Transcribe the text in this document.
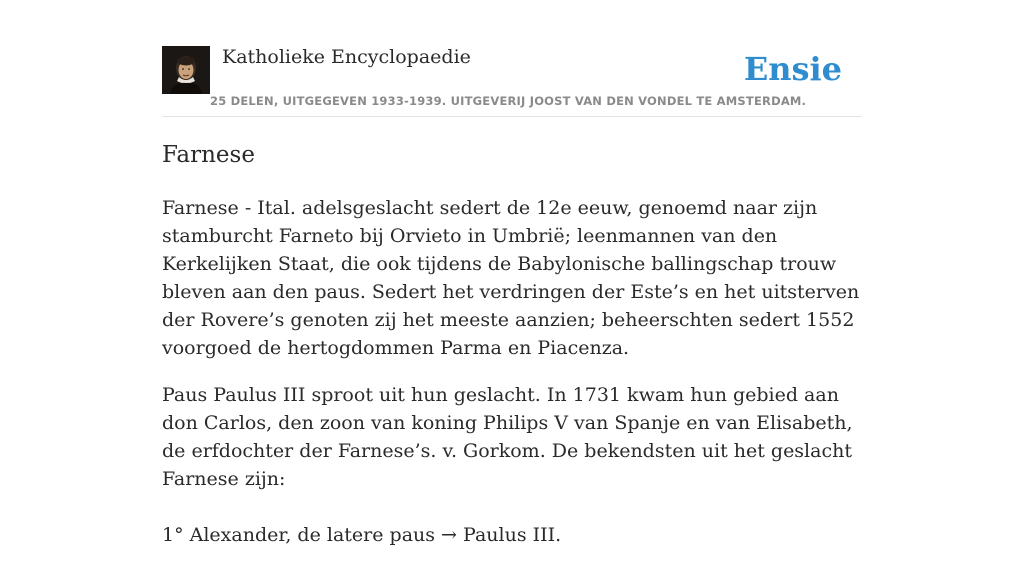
Katholieke Encyclopaedie
25 DELEN, UITGEGEVEN 1933-1939. UITGEVERIJ JOOST VAN DEN VONDEL TE AMSTERDAM.
Ensie
Farnese

Farnese - Ital. adelsgeslacht sedert de 12e eeuw, genoemd naar zijn stamburcht Farneto bij Orvieto in Umbrië; leenmannen van den Kerkelijken Staat, die ook tijdens de Babylonische ballingschap trouw bleven aan den paus. Sedert het verdringen der Este’s en het uitsterven der Rovere’s genoten zij het meeste aanzien; beheerschten sedert 1552 voorgoed de hertogdommen Parma en Piacenza.

Paus Paulus III sproot uit hun geslacht. In 1731 kwam hun gebied aan don Carlos, den zoon van koning Philips V van Spanje en van Elisabeth, de erfdochter der Farnese’s. v. Gorkom. De bekendsten uit het geslacht Farnese zijn:

1° Alexander, de latere paus → Paulus III.
